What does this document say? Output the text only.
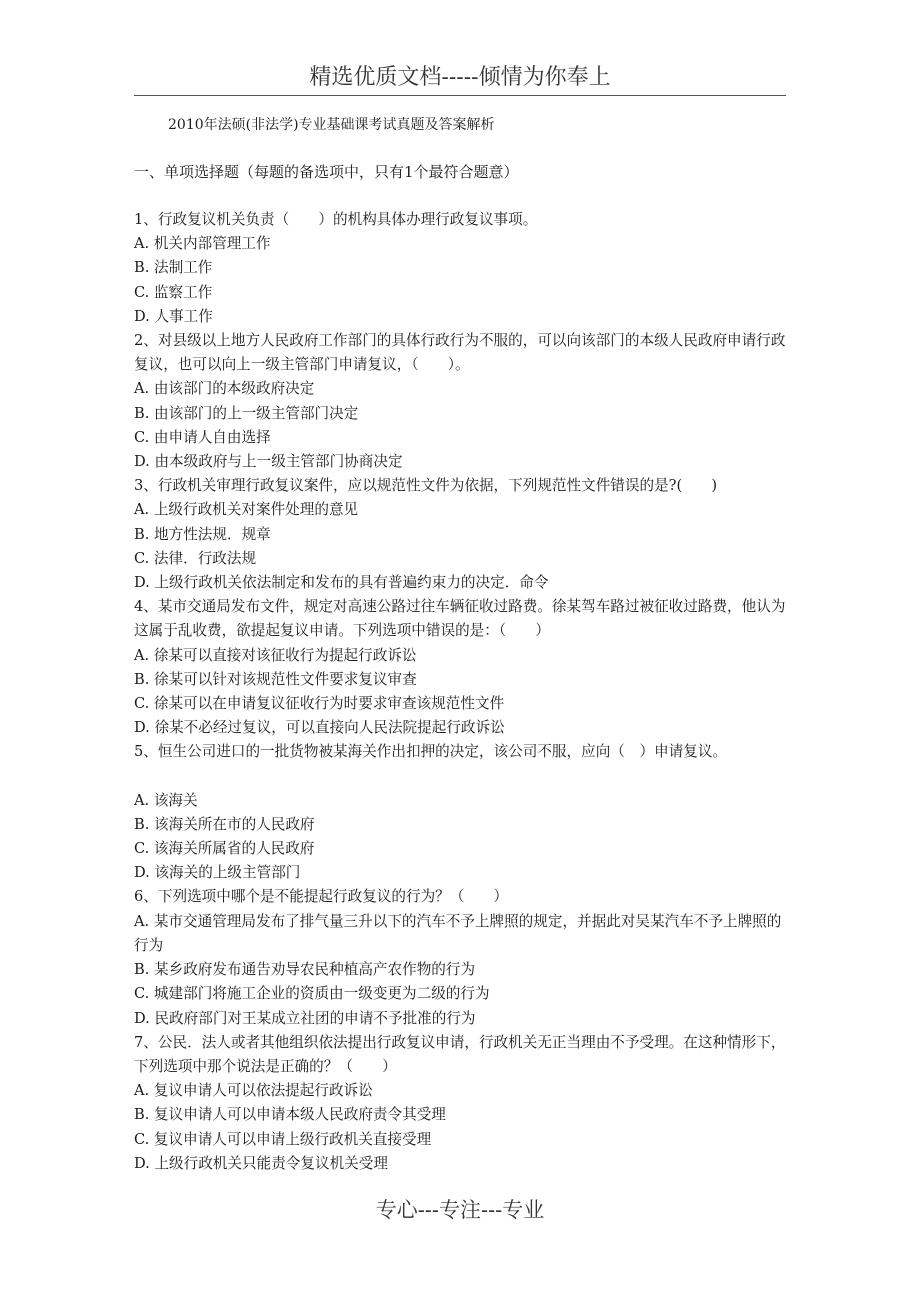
精选优质文档-----倾情为你奉上
2010年法硕(非法学)专业基础课考试真题及答案解析
一、单项选择题（每题的备选项中，只有1个最符合题意）

1、行政复议机关负责（　　）的机构具体办理行政复议事项。

A. 机关内部管理工作

B. 法制工作

C. 监察工作

D. 人事工作

2、对县级以上地方人民政府工作部门的具体行政行为不服的，可以向该部门的本级人民政府申请行政复议，也可以向上一级主管部门申请复议，（　　）。

A. 由该部门的本级政府决定

B. 由该部门的上一级主管部门决定

C. 由申请人自由选择

D. 由本级政府与上一级主管部门协商决定

3、行政机关审理行政复议案件，应以规范性文件为依据，下列规范性文件错误的是?(　　)

A. 上级行政机关对案件处理的意见

B. 地方性法规．规章

C. 法律．行政法规

D. 上级行政机关依法制定和发布的具有普遍约束力的决定．命令

4、某市交通局发布文件，规定对高速公路过往车辆征收过路费。徐某驾车路过被征收过路费，他认为这属于乱收费，欲提起复议申请。下列选项中错误的是：（　　）

A. 徐某可以直接对该征收行为提起行政诉讼

B. 徐某可以针对该规范性文件要求复议审查

C. 徐某可以在申请复议征收行为时要求审查该规范性文件

D. 徐某不必经过复议，可以直接向人民法院提起行政诉讼

5、恒生公司进口的一批货物被某海关作出扣押的决定，该公司不服，应向（　）申请复议。

A. 该海关

B. 该海关所在市的人民政府

C. 该海关所属省的人民政府

D. 该海关的上级主管部门

6、下列选项中哪个是不能提起行政复议的行为？（　　）

A. 某市交通管理局发布了排气量三升以下的汽车不予上牌照的规定，并据此对吴某汽车不予上牌照的行为

B. 某乡政府发布通告劝导农民种植高产农作物的行为

C. 城建部门将施工企业的资质由一级变更为二级的行为

D. 民政府部门对王某成立社团的申请不予批准的行为

7、公民．法人或者其他组织依法提出行政复议申请，行政机关无正当理由不予受理。在这种情形下，下列选项中那个说法是正确的？（　　）

A. 复议申请人可以依法提起行政诉讼

B. 复议申请人可以申请本级人民政府责令其受理

C. 复议申请人可以申请上级行政机关直接受理

D. 上级行政机关只能责令复议机关受理

专心---专注---专业
